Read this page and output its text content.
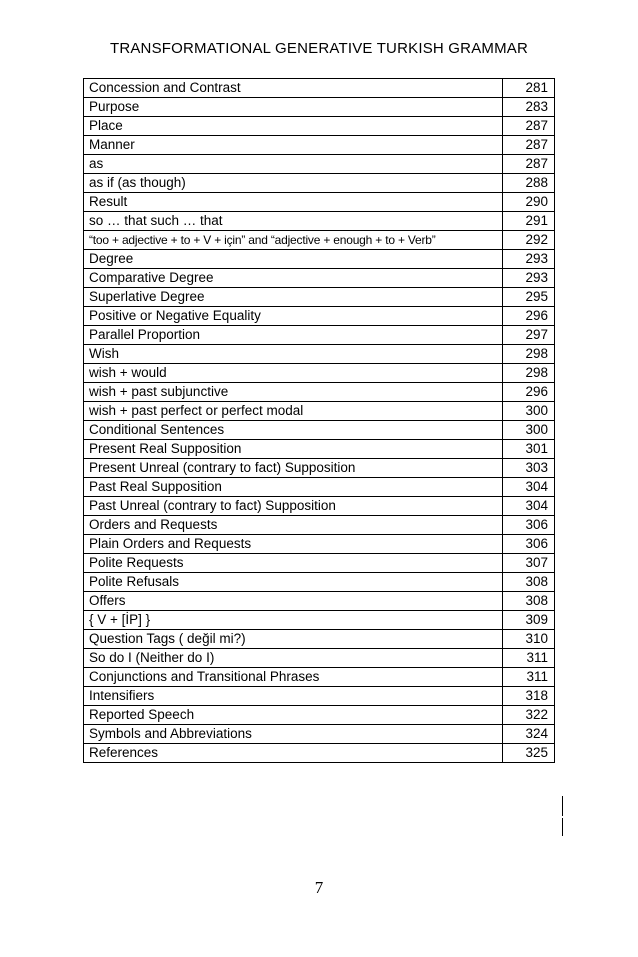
TRANSFORMATIONAL GENERATIVE TURKISH GRAMMAR
Concession and Contrast	281
Purpose	283
Place	287
Manner	287
as	287
as if (as though)	288
Result	290
so … that such … that	291
“too + adjective + to + V + için” and “adjective + enough + to + Verb”	292
Degree	293
Comparative Degree	293
Superlative Degree	295
Positive or Negative Equality	296
Parallel Proportion	297
Wish	298
wish + would	298
wish + past subjunctive	296
wish + past perfect or perfect modal	300
Conditional Sentences	300
Present Real Supposition	301
Present Unreal (contrary to fact) Supposition	303
Past Real Supposition	304
Past Unreal (contrary to fact) Supposition	304
Orders and Requests	306
Plain Orders and Requests	306
Polite Requests	307
Polite Refusals	308
Offers	308
{ V + [İP] }	309
Question Tags ( değil mi?)	310
So do I (Neither do I)	311
Conjunctions and Transitional Phrases	311
Intensifiers	318
Reported Speech	322
Symbols and Abbreviations	324
References	325
7
